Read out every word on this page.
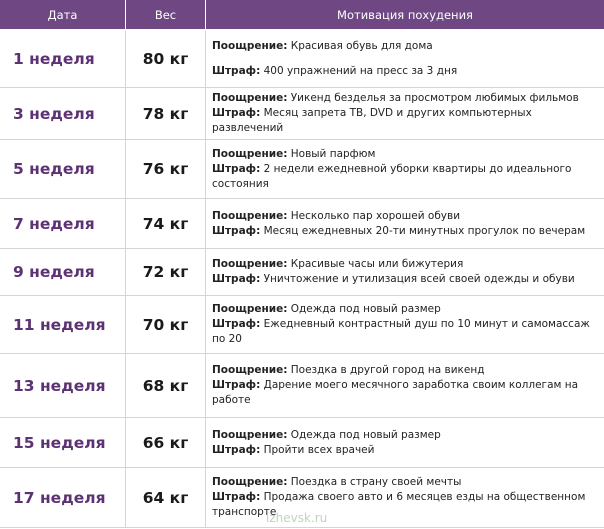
Дата	Вес	Мотивация похудения
1 неделя	80 кг	Поощрение: Красивая обувь для дома
Штраф: 400 упражнений на пресс за 3 дня

3 неделя	78 кг	Поощрение: Уикенд безделья за просмотром любимых фильмов
Штраф: Месяц запрета ТВ, DVD и других компьютерных развлечений

5 неделя	76 кг	Поощрение: Новый парфюм
Штраф: 2 недели ежедневной уборки квартиры до идеального состояния

7 неделя	74 кг	Поощрение: Несколько пар хорошей обуви
Штраф: Месяц ежедневных 20-ти минутных прогулок по вечерам

9 неделя	72 кг	Поощрение: Красивые часы или бижутерия
Штраф: Уничтожение и утилизация всей своей одежды и обуви

11 неделя	70 кг	Поощрение: Одежда под новый размер
Штраф: Ежедневный контрастный душ по 10 минут и самомассаж по 20

13 неделя	68 кг	Поощрение: Поездка в другой город на викенд
Штраф: Дарение моего месячного заработка своим коллегам на работе

15 неделя	66 кг	Поощрение: Одежда под новый размер
Штраф: Пройти всех врачей

17 неделя	64 кг	Поощрение: Поездка в страну своей мечты
Штраф: Продажа своего авто и 6 месяцев езды на общественном транспорте
izhevsk.ru
